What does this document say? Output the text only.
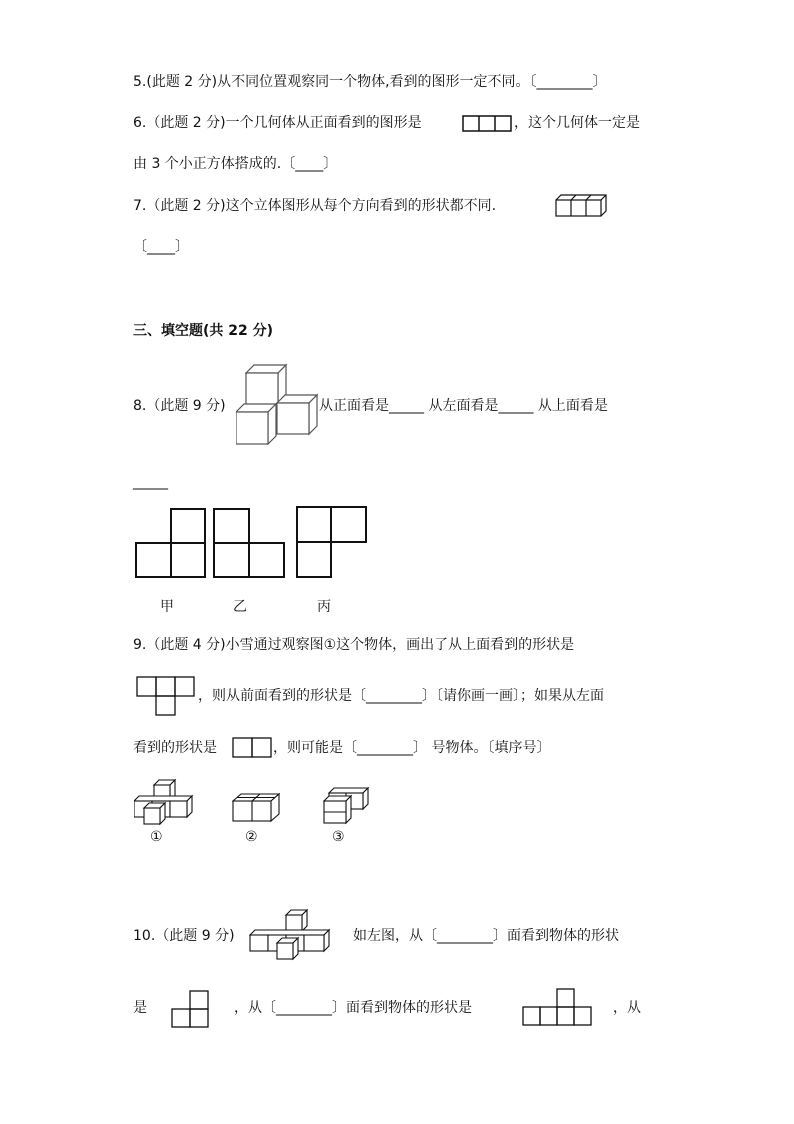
5.(此题 2 分)从不同位置观察同一个物体,看到的图形一定不同。〔________〕
6.（此题 2 分)一个几何体从正面看到的图形是	，这个几何体一定是
由 3 个小正方体搭成的.〔____〕
7.（此题 2 分)这个立体图形从每个方向看到的形状都不同.
〔____〕
三、填空题(共 22 分)
8.（此题 9 分)	从正面看是_____ 从左面看是_____ 从上面看是
_____
甲	乙	丙
9.（此题 4 分)小雪通过观察图①这个物体，画出了从上面看到的形状是
，则从前面看到的形状是〔________〕〔请你画一画〕；如果从左面
看到的形状是	，则可能是〔________〕 号物体。〔填序号〕
①	②	③
10.（此题 9 分)	如左图，从〔________〕面看到物体的形状
是	，从〔________〕面看到物体的形状是	，从
